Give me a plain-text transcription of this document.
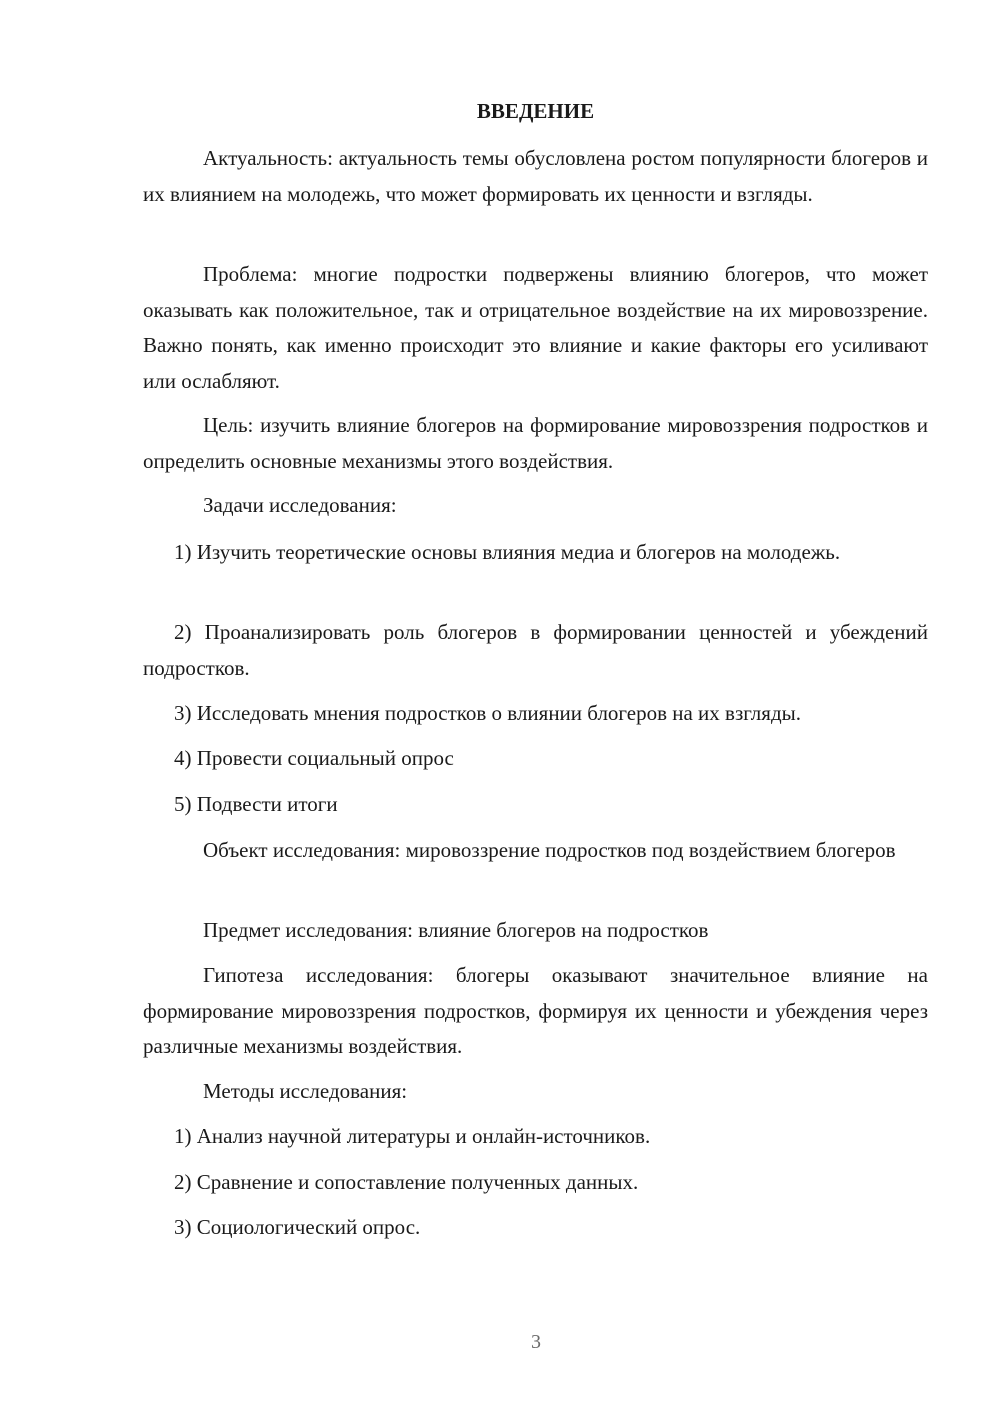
ВВЕДЕНИЕ

Актуальность: актуальность темы обусловлена ростом популярности блогеров и их влиянием на молодежь, что может формировать их ценности и взгляды.

Проблема: многие подростки подвержены влиянию блогеров, что может оказывать как положительное, так и отрицательное воздействие на их мировоззрение. Важно понять, как именно происходит это влияние и какие факторы его усиливают или ослабляют.

Цель: изучить влияние блогеров на формирование мировоззрения подростков и определить основные механизмы этого воздействия.

Задачи исследования:

1) Изучить теоретические основы влияния медиа и блогеров на молодежь.

2) Проанализировать роль блогеров в формировании ценностей и убеждений подростков.

3) Исследовать мнения подростков о влиянии блогеров на их взгляды.

4) Провести социальный опрос

5) Подвести итоги

Объект исследования: мировоззрение подростков под воздействием блогеров

Предмет исследования: влияние блогеров на подростков

Гипотеза исследования: блогеры оказывают значительное влияние на формирование мировоззрения подростков, формируя их ценности и убеждения через различные механизмы воздействия.

Методы исследования:

1) Анализ научной литературы и онлайн-источников.

2) Сравнение и сопоставление полученных данных.

3) Социологический опрос.

3
